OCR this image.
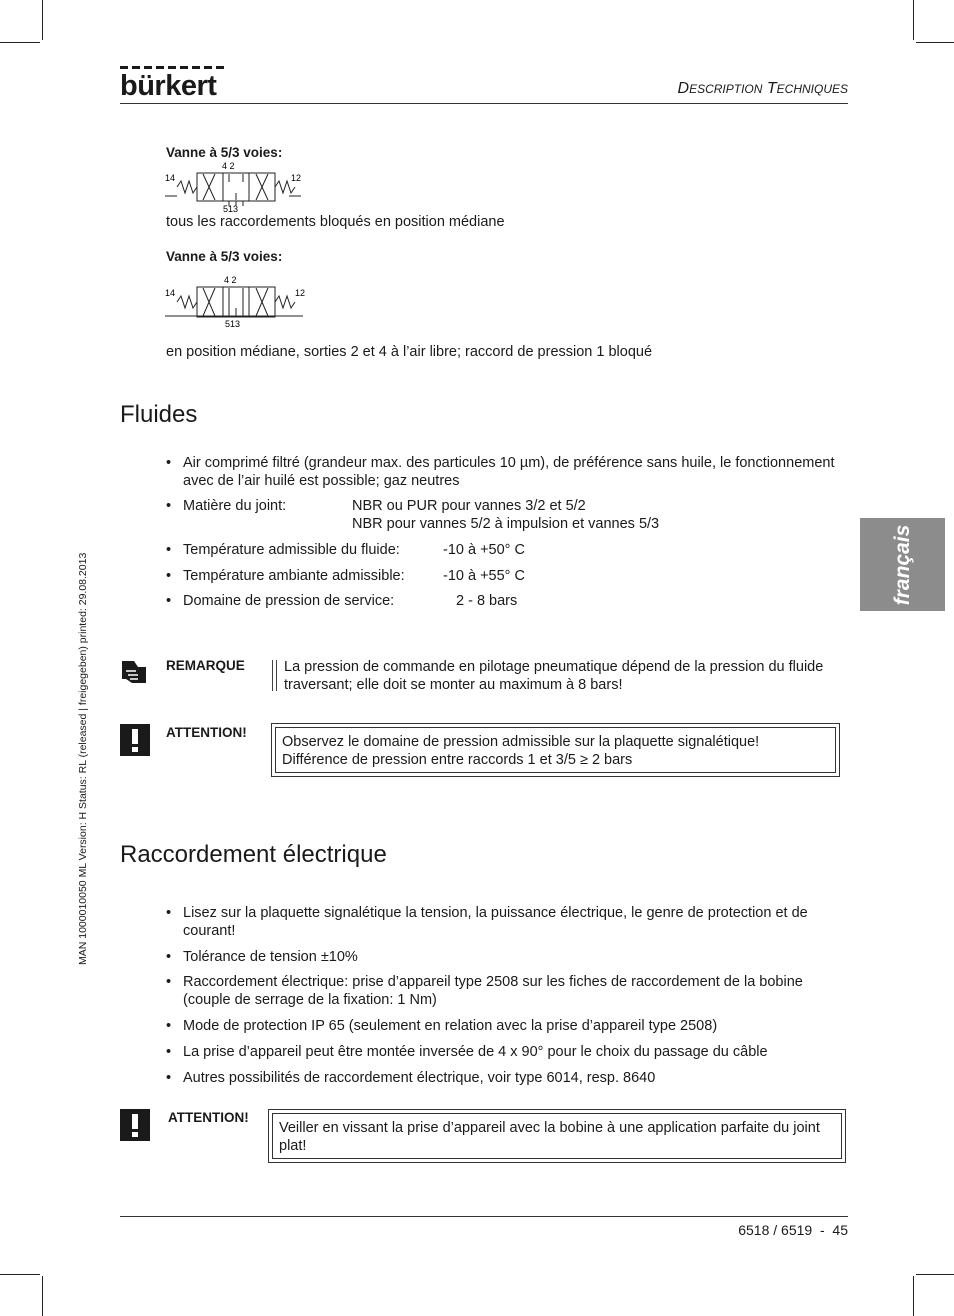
bürkert	DESCRIPTION TECHNIQUES
Vanne à 5/3 voies:
4 2
14	12
513
tous les raccordements bloqués en position médiane
Vanne à 5/3 voies:
4 2
14	12
513
en position médiane, sorties 2 et 4 à l’air libre; raccord de pression 1 bloqué
Fluides
• Air comprimé filtré (grandeur max. des particules 10 µm), de préférence sans huile, le fonctionnement avec de l’air huilé est possible; gaz neutres
• Matière du joint:	NBR ou PUR pour vannes 3/2 et 5/2
NBR pour vannes 5/2 à impulsion et vannes 5/3
• Température admissible du fluide:	-10 à +50° C
• Température ambiante admissible:	-10 à +55° C
• Domaine de pression de service:	2 - 8 bars	français
MAN 1000010050 ML Version: H Status: RL (released | freigegeben) printed: 29.08.2013	REMARQUE	La pression de commande en pilotage pneumatique dépend de la pression du fluide traversant; elle doit se monter au maximum à 8 bars!
ATTENTION!
Observez le domaine de pression admissible sur la plaquette signalétique!
Différence de pression entre raccords 1 et 3/5 ≥ 2 bars
Raccordement électrique
• Lisez sur la plaquette signalétique la tension, la puissance électrique, le genre de protection et de courant!
• Tolérance de tension ±10%
• Raccordement électrique: prise d’appareil type 2508 sur les fiches de raccordement de la bobine (couple de serrage de la fixation: 1 Nm)
• Mode de protection IP 65 (seulement en relation avec la prise d’appareil type 2508)
• La prise d’appareil peut être montée inversée de 4 x 90° pour le choix du passage du câble
• Autres possibilités de raccordement électrique, voir type 6014, resp. 8640
ATTENTION!
Veiller en vissant la prise d’appareil avec la bobine à une application parfaite du joint plat!
6518 / 6519  -  45
